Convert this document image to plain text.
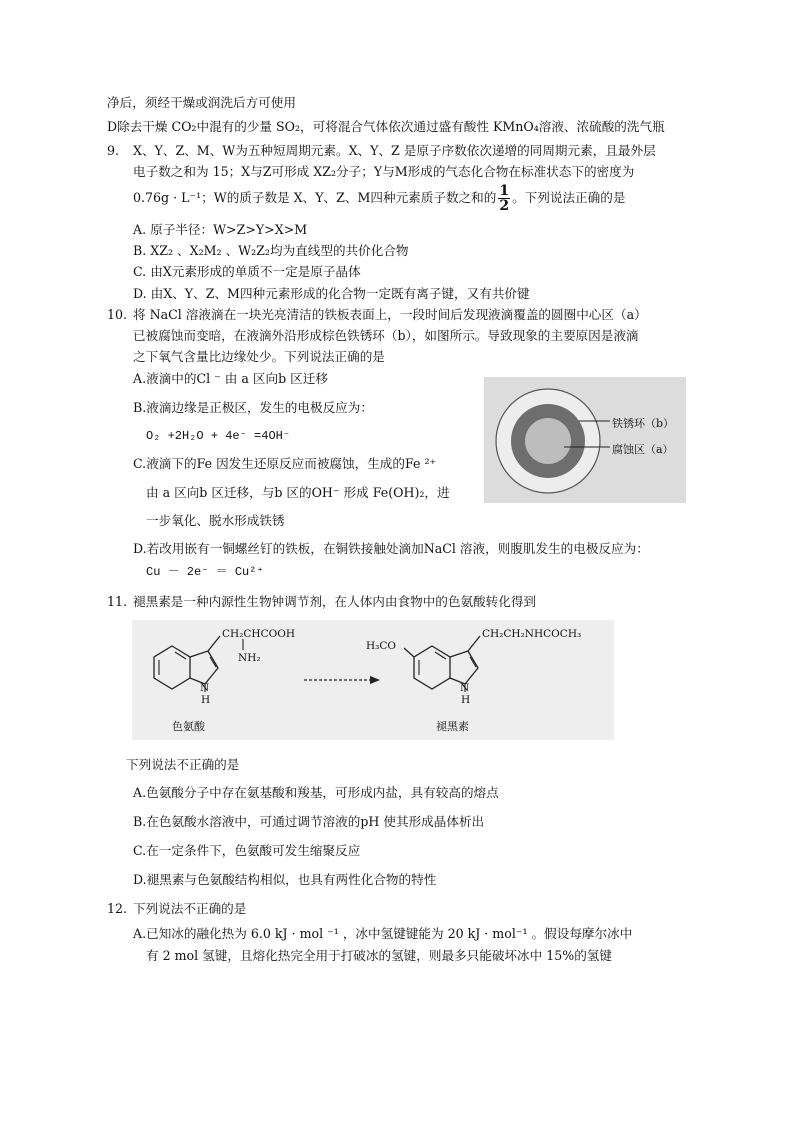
净后，须经干燥或润洗后方可使用
D除去干燥 CO₂中混有的少量 SO₂，可将混合气体依次通过盛有酸性 KMnO₄溶液、浓硫酸的洗气瓶
9. X、Y、Z、M、W为五种短周期元素。X、Y、Z 是原子序数依次递增的同周期元素，且最外层
电子数之和为 15；X与Z可形成 XZ₂分子；Y与M形成的气态化合物在标准状态下的密度为
0.76g · L⁻¹；W的质子数是 X、Y、Z、M四种元素质子数之和的 $\frac{1}{2}$ 。下列说法正确的是
A. 原子半径：W>Z>Y>X>M
B. XZ₂ 、X₂M₂ 、W₂Z₂均为直线型的共价化合物
C. 由X元素形成的单质不一定是原子晶体
D. 由X、Y、Z、M四种元素形成的化合物一定既有离子键，又有共价键
10. 将 NaCl 溶液滴在一块光亮清洁的铁板表面上，一段时间后发现液滴覆盖的圆圈中心区（a）
已被腐蚀而变暗，在液滴外沿形成棕色铁锈环（b），如图所示。导致现象的主要原因是液滴
之下氧气含量比边缘处少。下列说法正确的是
A.液滴中的Cl ⁻ 由 a 区向b 区迁移
B.液滴边缘是正极区，发生的电极反应为：
O₂ +2H₂O + 4e⁻ =4OH⁻
C.液滴下的Fe 因发生还原反应而被腐蚀，生成的Fe ²⁺
由 a 区向b 区迁移，与b 区的OH⁻ 形成 Fe(OH)₂，进
一步氧化、脱水形成铁锈
D.若改用嵌有一铜螺丝钉的铁板，在铜铁接触处滴加NaCl 溶液，则腹肌发生的电极反应为：
Cu － 2e⁻ ＝ Cu²⁺
铁锈环（b）
腐蚀区（a）
11. 褪黑素是一种内源性生物钟调节剂，在人体内由食物中的色氨酸转化得到
CH₂CHCOOH
NH₂
N
H
色氨酸
H₃CO
CH₂CH₂NHCOCH₃
N
H
褪黑素
下列说法不正确的是
A.色氨酸分子中存在氨基酸和羧基，可形成内盐，具有较高的熔点
B.在色氨酸水溶液中，可通过调节溶液的pH 使其形成晶体析出
C.在一定条件下，色氨酸可发生缩聚反应
D.褪黑素与色氨酸结构相似，也具有两性化合物的特性
12. 下列说法不正确的是
A.已知冰的融化热为 6.0 kJ · mol ⁻¹ ，冰中氢键键能为 20 kJ · mol⁻¹ 。假设每摩尔冰中
有 2 mol 氢键，且熔化热完全用于打破冰的氢键，则最多只能破坏冰中 15%的氢键
